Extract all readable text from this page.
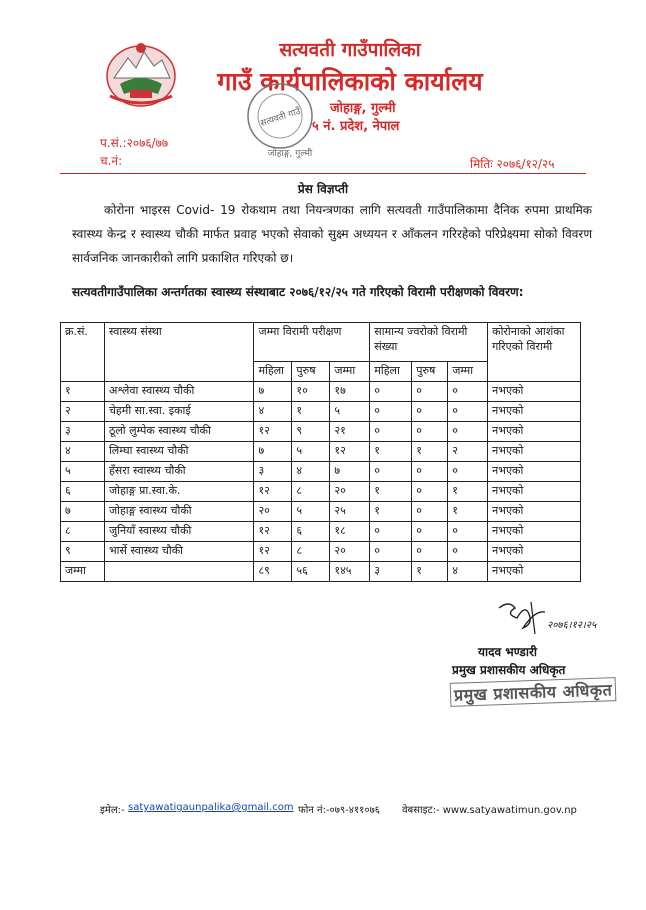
सत्यवती गाउँपालिका
गाउँ कार्यपालिकाको कार्यालय
सत्यवती गाउँ
जोहाङ्ग, गुल्मी
जोहाङ्ग, गुल्मी
५ नं. प्रदेश, नेपाल
प.सं.:२०७६/७७
च.नं:	मितिः २०७६/१२/२५
प्रेस विज्ञप्ती
कोरोना भाइरस Covid- 19 रोकथाम तथा नियन्त्रणका लागि सत्यवती गाउँपालिकामा दैनिक रुपमा प्राथमिक स्वास्थ्य केन्द्र र स्वास्थ्य चौकी मार्फत प्रवाह भएको सेवाको सुक्ष्म अध्ययन र आँकलन गरिरहेको परिप्रेक्ष्यमा सोको विवरण सार्वजनिक जानकारीको लागि प्रकाशित गरिएको छ।
सत्यवतीगाउँपालिका अन्तर्गतका स्वास्थ्य संस्थाबाट २०७६/१२/२५ गते गरिएको विरामी परीक्षणको विवरण:
क्र.सं.	स्वास्थ्य संस्था	जम्मा विरामी परीक्षण			सामान्य ज्वरोको विरामी संख्या			कोरोनाको आशंका गरिएको विरामी
		महिला	पुरुष	जम्मा	महिला	पुरुष	जम्मा	
१	अश्लेवा स्वास्थ्य चौकी	७	१०	१७	०	०	०	नभएको
२	चेहमी सा.स्वा. इकाई	४	१	५	०	०	०	नभएको
३	ठूलो लुम्पेक स्वास्थ्य चौकी	१२	९	२१	०	०	०	नभएको
४	लिम्घा स्वास्थ्य चौकी	७	५	१२	१	१	२	नभएको
५	हँसरा स्वास्थ्य चौकी	३	४	७	०	०	०	नभएको
६	जोहाङ्ग प्रा.स्वा.के.	१२	८	२०	१	०	१	नभएको
७	जोहाङ्ग स्वास्थ्य चौकी	२०	५	२५	१	०	१	नभएको
८	जुनियाँ स्वास्थ्य चौकी	१२	६	१८	०	०	०	नभएको
९	भार्से स्वास्थ्य चौकी	१२	८	२०	०	०	०	नभएको
जम्मा		८९	५६	१४५	३	१	४	नभएको
२०७६।१२।२५
यादव भण्डारी
प्रमुख प्रशासकीय अधिकृत
प्रमुख प्रशासकीय अधिकृत
इमेल:- satyawatigaunpalika@gmail.com फोन नं:-०७९-४११०७६ वेबसाइट:- www.satyawatimun.gov.np
